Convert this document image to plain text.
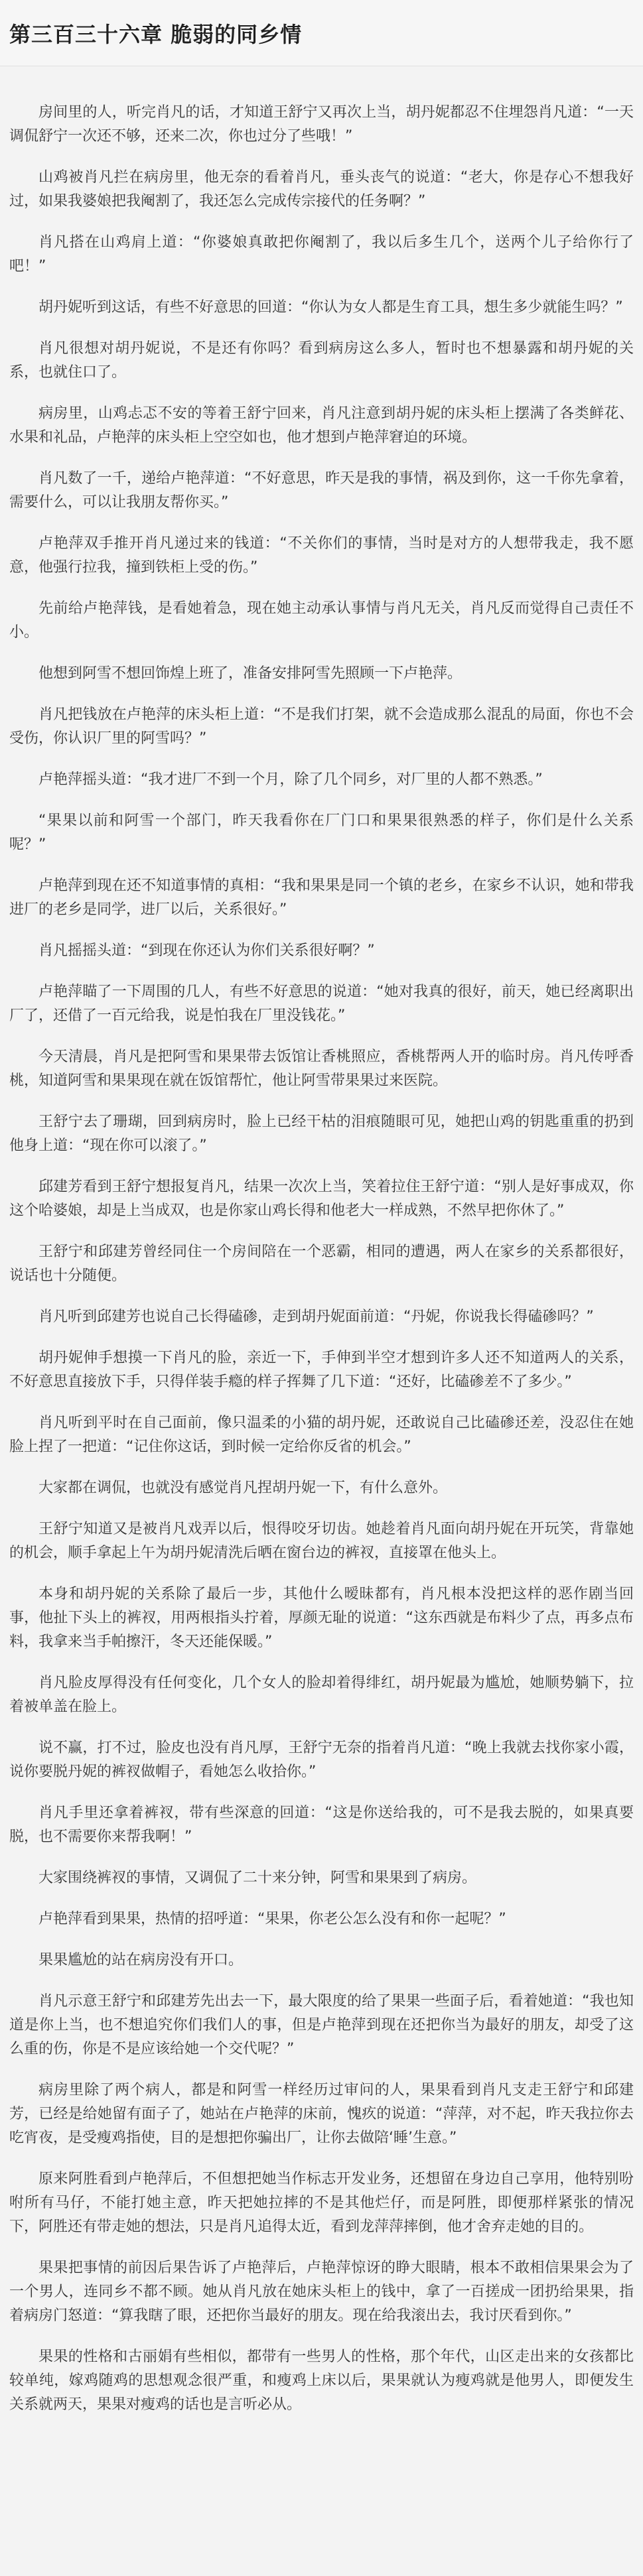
第三百三十六章 脆弱的同乡情

房间里的人，听完肖凡的话，才知道王舒宁又再次上当，胡丹妮都忍不住埋怨肖凡道：“一天调侃舒宁一次还不够，还来二次，你也过分了些哦！”

山鸡被肖凡拦在病房里，他无奈的看着肖凡，垂头丧气的说道：“老大，你是存心不想我好过，如果我婆娘把我阉割了，我还怎么完成传宗接代的任务啊？”

肖凡搭在山鸡肩上道：“你婆娘真敢把你阉割了，我以后多生几个，送两个儿子给你行了吧！”

胡丹妮听到这话，有些不好意思的回道：“你认为女人都是生育工具，想生多少就能生吗？”

肖凡很想对胡丹妮说，不是还有你吗？看到病房这么多人，暂时也不想暴露和胡丹妮的关系，也就住口了。

病房里，山鸡忐忑不安的等着王舒宁回来，肖凡注意到胡丹妮的床头柜上摆满了各类鲜花、水果和礼品，卢艳萍的床头柜上空空如也，他才想到卢艳萍窘迫的环境。

肖凡数了一千，递给卢艳萍道：“不好意思，昨天是我的事情，祸及到你，这一千你先拿着，需要什么，可以让我朋友帮你买。”

卢艳萍双手推开肖凡递过来的钱道：“不关你们的事情，当时是对方的人想带我走，我不愿意，他强行拉我，撞到铁柜上受的伤。”

先前给卢艳萍钱，是看她着急，现在她主动承认事情与肖凡无关，肖凡反而觉得自己责任不小。

他想到阿雪不想回饰煌上班了，准备安排阿雪先照顾一下卢艳萍。

肖凡把钱放在卢艳萍的床头柜上道：“不是我们打架，就不会造成那么混乱的局面，你也不会受伤，你认识厂里的阿雪吗？”

卢艳萍摇头道：“我才进厂不到一个月，除了几个同乡，对厂里的人都不熟悉。”

“果果以前和阿雪一个部门，昨天我看你在厂门口和果果很熟悉的样子，你们是什么关系呢？”

卢艳萍到现在还不知道事情的真相：“我和果果是同一个镇的老乡，在家乡不认识，她和带我进厂的老乡是同学，进厂以后，关系很好。”

肖凡摇摇头道：“到现在你还认为你们关系很好啊？”

卢艳萍瞄了一下周围的几人，有些不好意思的说道：“她对我真的很好，前天，她已经离职出厂了，还借了一百元给我，说是怕我在厂里没钱花。”

今天清晨，肖凡是把阿雪和果果带去饭馆让香桃照应，香桃帮两人开的临时房。肖凡传呼香桃，知道阿雪和果果现在就在饭馆帮忙，他让阿雪带果果过来医院。

王舒宁去了珊瑚，回到病房时，脸上已经干枯的泪痕随眼可见，她把山鸡的钥匙重重的扔到他身上道：“现在你可以滚了。”

邱建芳看到王舒宁想报复肖凡，结果一次次上当，笑着拉住王舒宁道：“别人是好事成双，你这个哈婆娘，却是上当成双，也是你家山鸡长得和他老大一样成熟，不然早把你休了。”

王舒宁和邱建芳曾经同住一个房间陪在一个恶霸，相同的遭遇，两人在家乡的关系都很好，说话也十分随便。

肖凡听到邱建芳也说自己长得磕碜，走到胡丹妮面前道：“丹妮，你说我长得磕碜吗？”

胡丹妮伸手想摸一下肖凡的脸，亲近一下，手伸到半空才想到许多人还不知道两人的关系，不好意思直接放下手，只得佯装手瘾的样子挥舞了几下道：“还好，比磕碜差不了多少。”

肖凡听到平时在自己面前，像只温柔的小猫的胡丹妮，还敢说自己比磕碜还差，没忍住在她脸上捏了一把道：“记住你这话，到时候一定给你反省的机会。”

大家都在调侃，也就没有感觉肖凡捏胡丹妮一下，有什么意外。

王舒宁知道又是被肖凡戏弄以后，恨得咬牙切齿。她趁着肖凡面向胡丹妮在开玩笑，背靠她的机会，顺手拿起上午为胡丹妮清洗后晒在窗台边的裤衩，直接罩在他头上。

本身和胡丹妮的关系除了最后一步，其他什么暧昧都有，肖凡根本没把这样的恶作剧当回事，他扯下头上的裤衩，用两根指头拧着，厚颜无耻的说道：“这东西就是布料少了点，再多点布料，我拿来当手帕擦汗，冬天还能保暖。”

肖凡脸皮厚得没有任何变化，几个女人的脸却着得绯红，胡丹妮最为尴尬，她顺势躺下，拉着被单盖在脸上。

说不赢，打不过，脸皮也没有肖凡厚，王舒宁无奈的指着肖凡道：“晚上我就去找你家小霞，说你要脱丹妮的裤衩做帽子，看她怎么收拾你。”

肖凡手里还拿着裤衩，带有些深意的回道：“这是你送给我的，可不是我去脱的，如果真要脱，也不需要你来帮我啊！”

大家围绕裤衩的事情，又调侃了二十来分钟，阿雪和果果到了病房。

卢艳萍看到果果，热情的招呼道：“果果，你老公怎么没有和你一起呢？”

果果尴尬的站在病房没有开口。

肖凡示意王舒宁和邱建芳先出去一下，最大限度的给了果果一些面子后，看着她道：“我也知道是你上当，也不想追究你们我们人的事，但是卢艳萍到现在还把你当为最好的朋友，却受了这么重的伤，你是不是应该给她一个交代呢？”

病房里除了两个病人，都是和阿雪一样经历过审问的人，果果看到肖凡支走王舒宁和邱建芳，已经是给她留有面子了，她站在卢艳萍的床前，愧疚的说道：“萍萍，对不起，昨天我拉你去吃宵夜，是受瘦鸡指使，目的是想把你骗出厂，让你去做陪‘睡’生意。”

原来阿胜看到卢艳萍后，不但想把她当作标志开发业务，还想留在身边自己享用，他特别吩咐所有马仔，不能打她主意，昨天把她拉摔的不是其他烂仔，而是阿胜，即便那样紧张的情况下，阿胜还有带走她的想法，只是肖凡追得太近，看到龙萍萍摔倒，他才舍弃走她的目的。

果果把事情的前因后果告诉了卢艳萍后，卢艳萍惊讶的睁大眼睛，根本不敢相信果果会为了一个男人，连同乡不都不顾。她从肖凡放在她床头柜上的钱中，拿了一百搓成一团扔给果果，指着病房门怒道：“算我瞎了眼，还把你当最好的朋友。现在给我滚出去，我讨厌看到你。”

果果的性格和古丽娟有些相似，都带有一些男人的性格，那个年代，山区走出来的女孩都比较单纯，嫁鸡随鸡的思想观念很严重，和瘦鸡上床以后，果果就认为瘦鸡就是他男人，即便发生关系就两天，果果对瘦鸡的话也是言听必从。
